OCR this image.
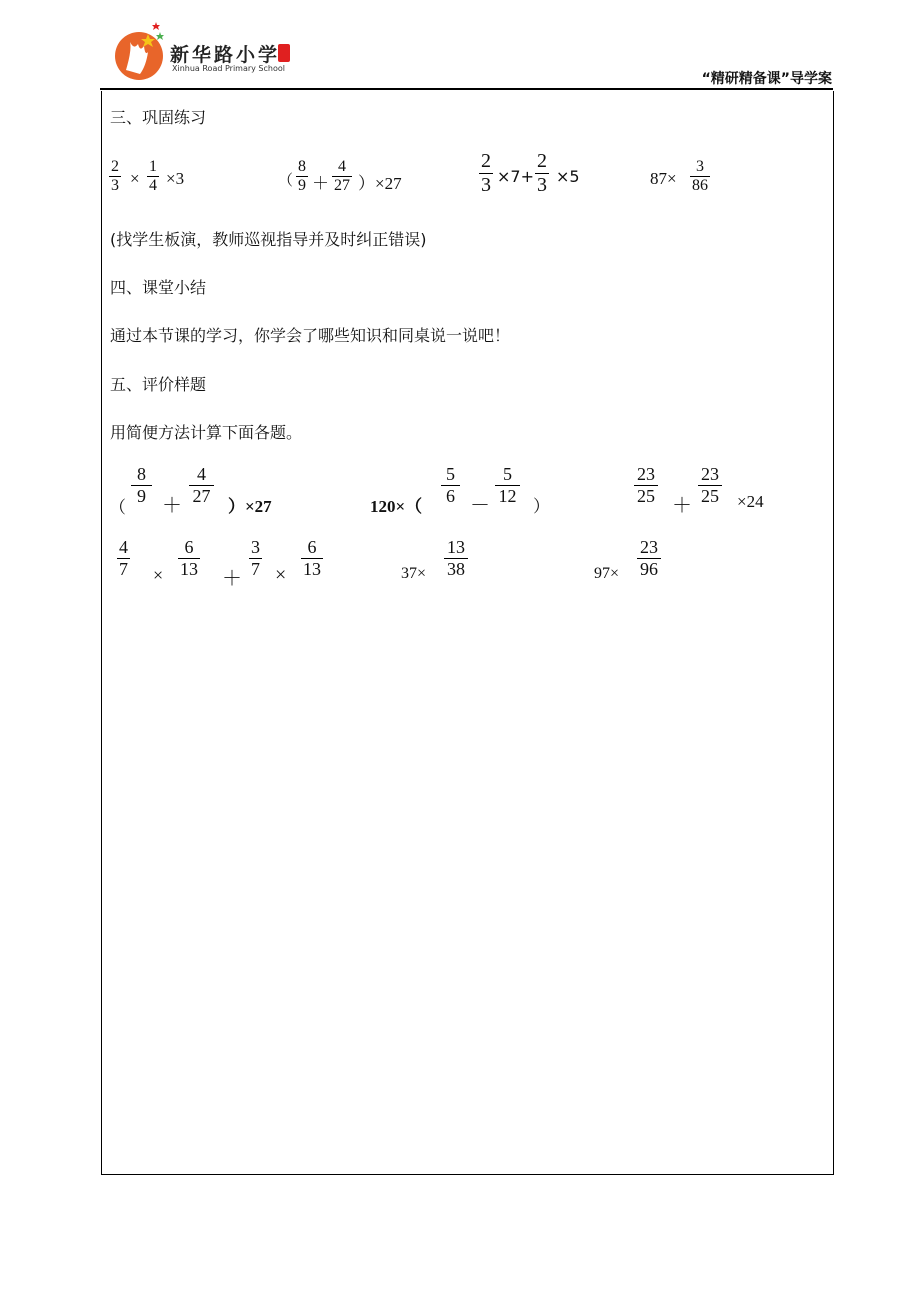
新华路小学
Xinhua Road Primary School
“精研精备课”导学案
三、巩固练习
2
3 ×
1
4 ×3	（
8
9 ＋
4
27 ）×27
2
3 ×7+
2
3 ×5	87×
3
86
(找学生板演，教师巡视指导并及时纠正错误)
四、课堂小结
通过本节课的学习，你学会了哪些知识和同桌说一说吧！
五、评价样题
用简便方法计算下面各题。
（
8
9 ＋
4
27
）×27	120×（
5
6 －
5
12
）
23
25 ＋
23
25 ×24
4
7 ×
6
13 ＋
3
7 ×
6
13	37×
13
38	97×
23
96
